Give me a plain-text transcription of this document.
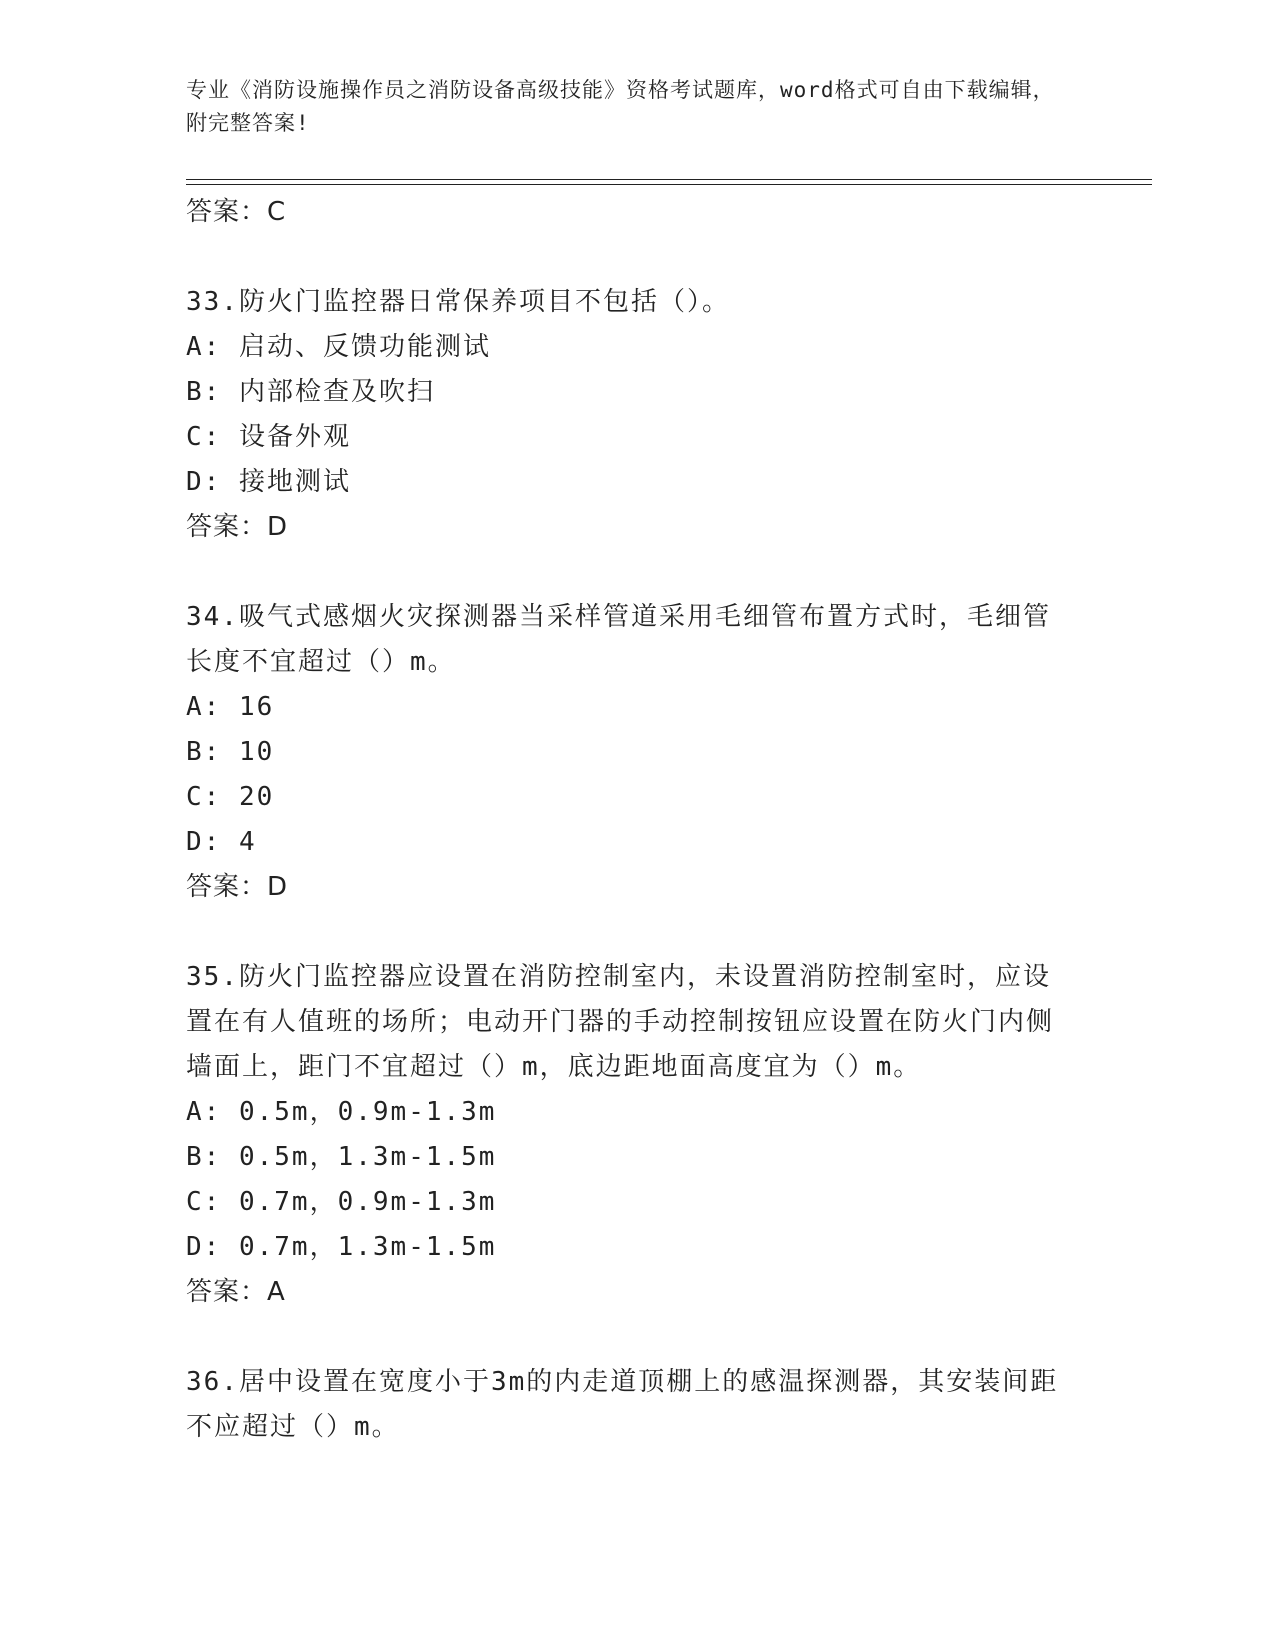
专业《消防设施操作员之消防设备高级技能》资格考试题库，word格式可自由下载编辑，附完整答案!
答案：C
33.防火门监控器日常保养项目不包括（）。
A: 启动、反馈功能测试
B: 内部检查及吹扫
C: 设备外观
D: 接地测试
答案：D
34.吸气式感烟火灾探测器当采样管道采用毛细管布置方式时，毛细管长度不宜超过（）m。
A: 16
B: 10
C: 20
D: 4
答案：D
35.防火门监控器应设置在消防控制室内，未设置消防控制室时，应设置在有人值班的场所；电动开门器的手动控制按钮应设置在防火门内侧墙面上，距门不宜超过（）m，底边距地面高度宜为（）m。
A: 0.5m，0.9m-1.3m
B: 0.5m，1.3m-1.5m
C: 0.7m，0.9m-1.3m
D: 0.7m，1.3m-1.5m
答案：A
36.居中设置在宽度小于3m的内走道顶棚上的感温探测器，其安装间距不应超过（）m。
